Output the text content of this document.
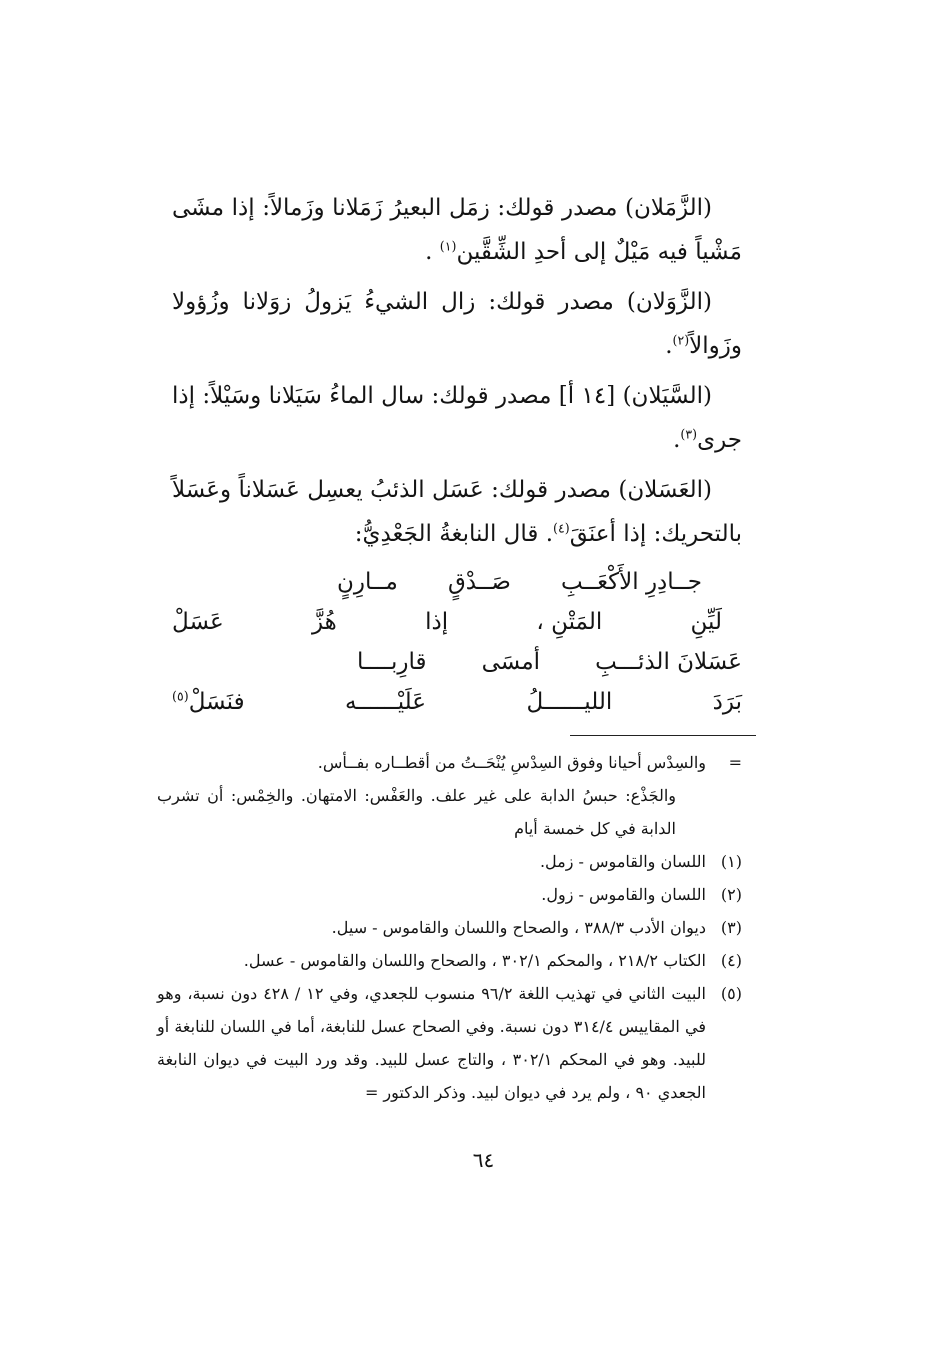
(الزَّمَلان) مصدر قولك: زمَل البعيرُ زَمَلانا وزَمالاً: إذا مشَى مَشْياً فيه مَيْلٌ إلى أحدِ الشِّقَّين$^{(١)}$ .

(الزَّوَلان) مصدر قولك: زال الشيءُ يَزولُ زوَلانا وزُؤولا وزَوالاً$^{(٢)}$.

(السَّيَلان) [١٤ أ] مصدر قولك: سال الماءُ سَيَلانا وسَيْلاً: إذا جرى$^{(٣)}$.

(العَسَلان) مصدر قولك: عَسَل الذئبُ يعسِل عَسَلاناً وعَسَلاً بالتحريك: إذا أعنَقَ$^{(٤)}$. قال النابغةُ الجَعْدِيُّ:

جــادِرِ الأَكْعَــبِ
صَــدْقٍ
مــارِنٍ
لَيِّنِ
المَتْنِ ،
إذا
هُزَّ
عَسَلْ
عَسَلانَ الذئـــبِ
أمسَى
قارِبــــا
بَرَدَ
الليــــــلُ
عَلَيْــــــه
فنَسَلْ$^{(٥)}$
=
والسِدْس أحيانا وفوق السِدْسِ يُنْحَــتُ من أقطــاره بفــأس.
والجَذْع: حبسُ الدابة على غير علف. والعَفْس: الامتهان. والخِمْس: أن تشرب الدابة في كل خمسة أيام
(١)
اللسان والقاموس - زمل.
(٢)
اللسان والقاموس - زول.
(٣)
ديوان الأدب ٣٨٨/٣ ، والصحاح واللسان والقاموس - سيل.
(٤)
الكتاب ٢١٨/٢ ، والمحكم ٣٠٢/١ ، والصحاح واللسان والقاموس - عسل.
(٥)
البيت الثاني في تهذيب اللغة ٩٦/٢ منسوب للجعدي، وفي ١٢ / ٤٢٨ دون نسبة، وهو في المقاييس ٣١٤/٤ دون نسبة. وفي الصحاح عسل للنابغة، أما في اللسان للنابغة أو للبيد. وهو في المحكم ٣٠٢/١ ، والتاج عسل للبيد. وقد ورد البيت في ديوان النابغة الجعدي ٩٠ ، ولم يرد في ديوان لبيد. وذكر الدكتور =
٦٤
